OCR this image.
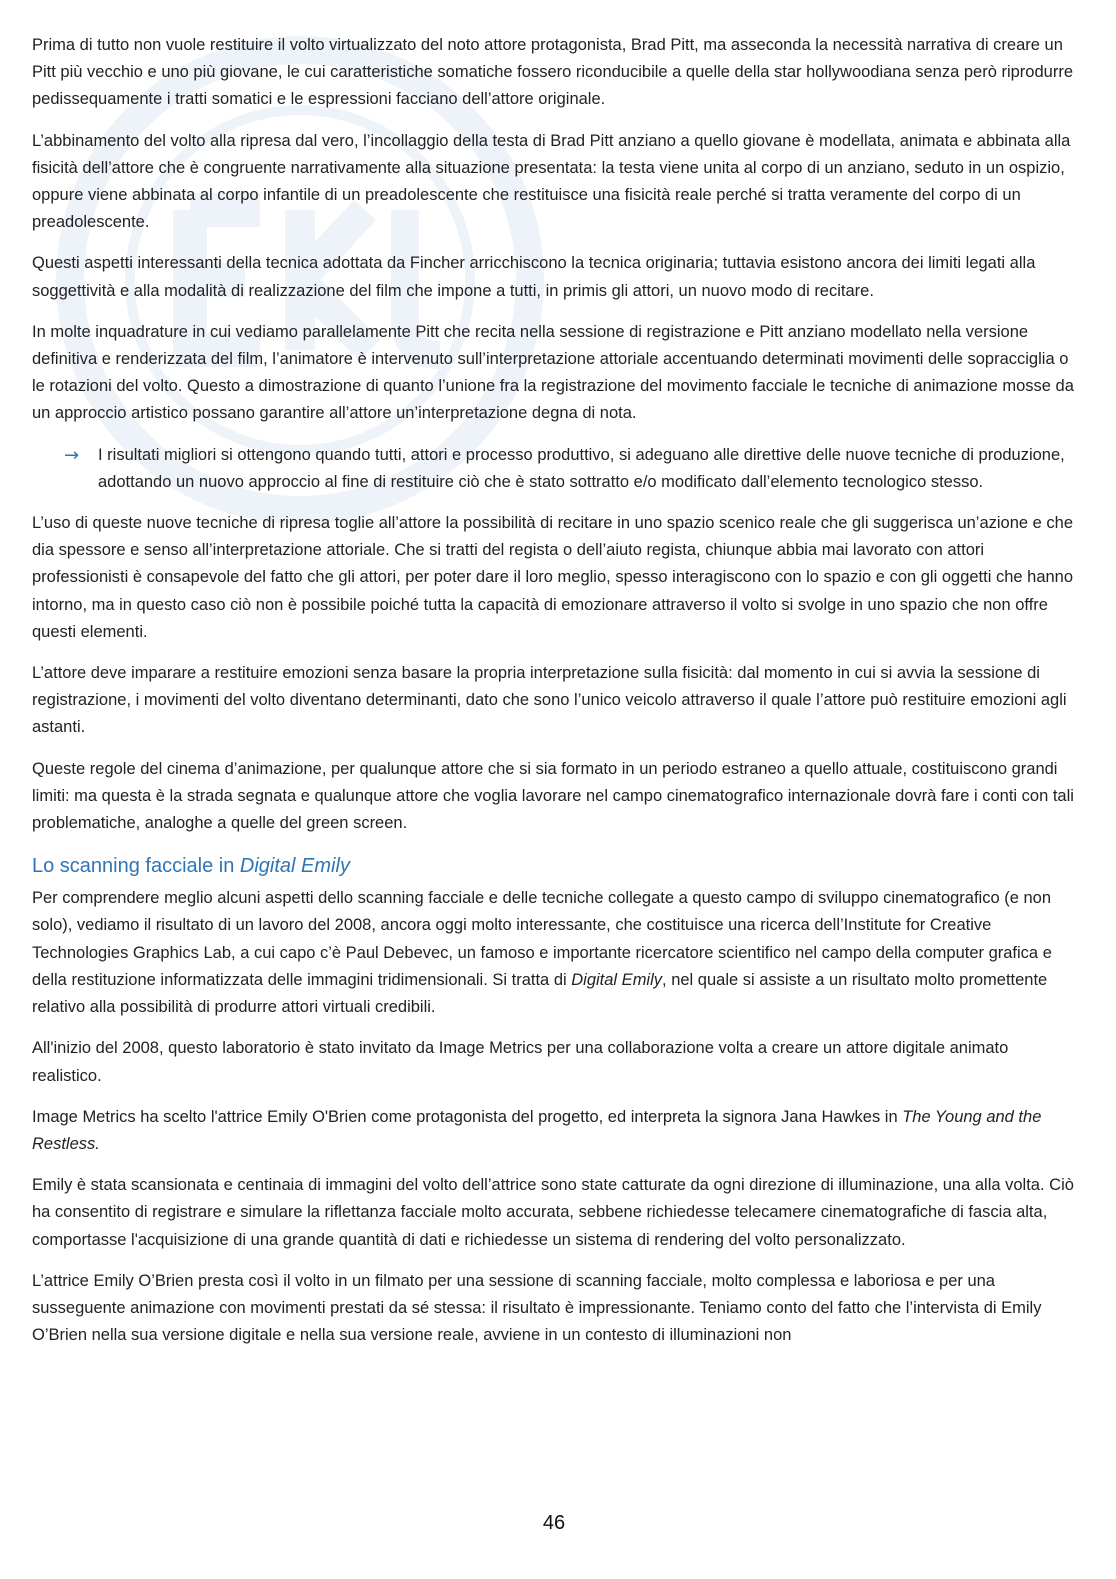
Prima di tutto non vuole restituire il volto virtualizzato del noto attore protagonista, Brad Pitt, ma asseconda la necessità narrativa di creare un Pitt più vecchio e uno più giovane, le cui caratteristiche somatiche fossero riconducibile a quelle della star hollywoodiana senza però riprodurre pedissequamente i tratti somatici e le espressioni facciano dell’attore originale.

L’abbinamento del volto alla ripresa dal vero, l’incollaggio della testa di Brad Pitt anziano a quello giovane è modellata, animata e abbinata alla fisicità dell’attore che è congruente narrativamente alla situazione presentata: la testa viene unita al corpo di un anziano, seduto in un ospizio, oppure viene abbinata al corpo infantile di un preadolescente che restituisce una fisicità reale perché si tratta veramente del corpo di un preadolescente.

Questi aspetti interessanti della tecnica adottata da Fincher arricchiscono la tecnica originaria; tuttavia esistono ancora dei limiti legati alla soggettività e alla modalità di realizzazione del film che impone a tutti, in primis gli attori, un nuovo modo di recitare.

In molte inquadrature in cui vediamo parallelamente Pitt che recita nella sessione di registrazione e Pitt anziano modellato nella versione definitiva e renderizzata del film, l’animatore è intervenuto sull’interpretazione attoriale accentuando determinati movimenti delle sopracciglia o le rotazioni del volto. Questo a dimostrazione di quanto l’unione fra la registrazione del movimento facciale le tecniche di animazione mosse da un approccio artistico possano garantire all’attore un’interpretazione degna di nota.

→ I risultati migliori si ottengono quando tutti, attori e processo produttivo, si adeguano alle direttive delle nuove tecniche di produzione, adottando un nuovo approccio al fine di restituire ciò che è stato sottratto e/o modificato dall’elemento tecnologico stesso.

L’uso di queste nuove tecniche di ripresa toglie all’attore la possibilità di recitare in uno spazio scenico reale che gli suggerisca un’azione e che dia spessore e senso all’interpretazione attoriale. Che si tratti del regista o dell’aiuto regista, chiunque abbia mai lavorato con attori professionisti è consapevole del fatto che gli attori, per poter dare il loro meglio, spesso interagiscono con lo spazio e con gli oggetti che hanno intorno, ma in questo caso ciò non è possibile poiché tutta la capacità di emozionare attraverso il volto si svolge in uno spazio che non offre questi elementi.

L’attore deve imparare a restituire emozioni senza basare la propria interpretazione sulla fisicità: dal momento in cui si avvia la sessione di registrazione, i movimenti del volto diventano determinanti, dato che sono l’unico veicolo attraverso il quale l’attore può restituire emozioni agli astanti.

Queste regole del cinema d’animazione, per qualunque attore che si sia formato in un periodo estraneo a quello attuale, costituiscono grandi limiti: ma questa è la strada segnata e qualunque attore che voglia lavorare nel campo cinematografico internazionale dovrà fare i conti con tali problematiche, analoghe a quelle del green screen.

Lo scanning facciale in Digital Emily

Per comprendere meglio alcuni aspetti dello scanning facciale e delle tecniche collegate a questo campo di sviluppo cinematografico (e non solo), vediamo il risultato di un lavoro del 2008, ancora oggi molto interessante, che costituisce una ricerca dell’Institute for Creative Technologies Graphics Lab, a cui capo c’è Paul Debevec, un famoso e importante ricercatore scientifico nel campo della computer grafica e della restituzione informatizzata delle immagini tridimensionali. Si tratta di Digital Emily, nel quale si assiste a un risultato molto promettente relativo alla possibilità di produrre attori virtuali credibili.

All'inizio del 2008, questo laboratorio è stato invitato da Image Metrics per una collaborazione volta a creare un attore digitale animato realistico.

Image Metrics ha scelto l'attrice Emily O'Brien come protagonista del progetto, ed interpreta la signora Jana Hawkes in The Young and the Restless.

Emily è stata scansionata e centinaia di immagini del volto dell’attrice sono state catturate da ogni direzione di illuminazione, una alla volta. Ciò ha consentito di registrare e simulare la riflettanza facciale molto accurata, sebbene richiedesse telecamere cinematografiche di fascia alta, comportasse l'acquisizione di una grande quantità di dati e richiedesse un sistema di rendering del volto personalizzato.

L’attrice Emily O’Brien presta così il volto in un filmato per una sessione di scanning facciale, molto complessa e laboriosa e per una susseguente animazione con movimenti prestati da sé stessa: il risultato è impressionante. Teniamo conto del fatto che l’intervista di Emily O’Brien nella sua versione digitale e nella sua versione reale, avviene in un contesto di illuminazioni non

46
